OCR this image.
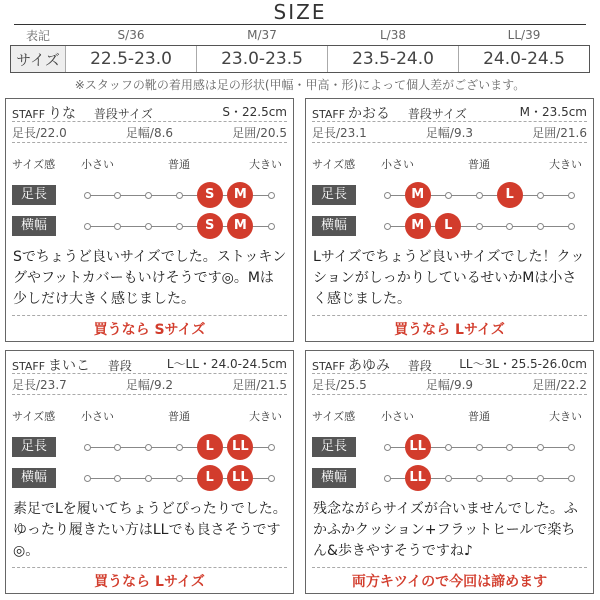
SIZE
表記	S/36	M/37	L/38	LL/39
サイズ	22.5-23.0	23.0-23.5	23.5-24.0	24.0-24.5
※スタッフの靴の着用感は足の形状(甲幅・甲高・形)によって個人差がございます。
STAFF りな 普段サイズ	S・22.5cm
足長/22.0	足幅/8.6	足囲/20.5
サイズ感 小さい	普通	大きい
足長
横幅
Sでちょうど良いサイズでした。ストッキングやフットカバーもいけそうです◎。Mは少しだけ大きく感じました。
買うなら Sサイズ
S	M
S	M
STAFF かおる 普段サイズ	M・23.5cm
足長/23.1	足幅/9.3	足囲/21.6
サイズ感 小さい	普通	大きい
足長
横幅
Lサイズでちょうど良いサイズでした！クッションがしっかりしているせいかMは小さく感じました。
買うなら Lサイズ
M	L
M	L
STAFF まいこ 普段	L〜LL・24.0-24.5cm
足長/23.7	足幅/9.2	足囲/21.5
サイズ感 小さい	普通	大きい
足長
横幅
素足でLを履いてちょうどぴったりでした。ゆったり履きたい方はLLでも良さそうです◎。
買うなら Lサイズ
L	LL
L	LL
STAFF あゆみ 普段 LL〜3L・25.5-26.0cm
足長/25.5	足幅/9.9	足囲/22.2
サイズ感 小さい	普通	大きい
足長
横幅
残念ながらサイズが合いませんでした。ふかふかクッション+フラットヒールで楽ちん&歩きやすそうですね♪
両方キツイので今回は諦めます
LL
LL
